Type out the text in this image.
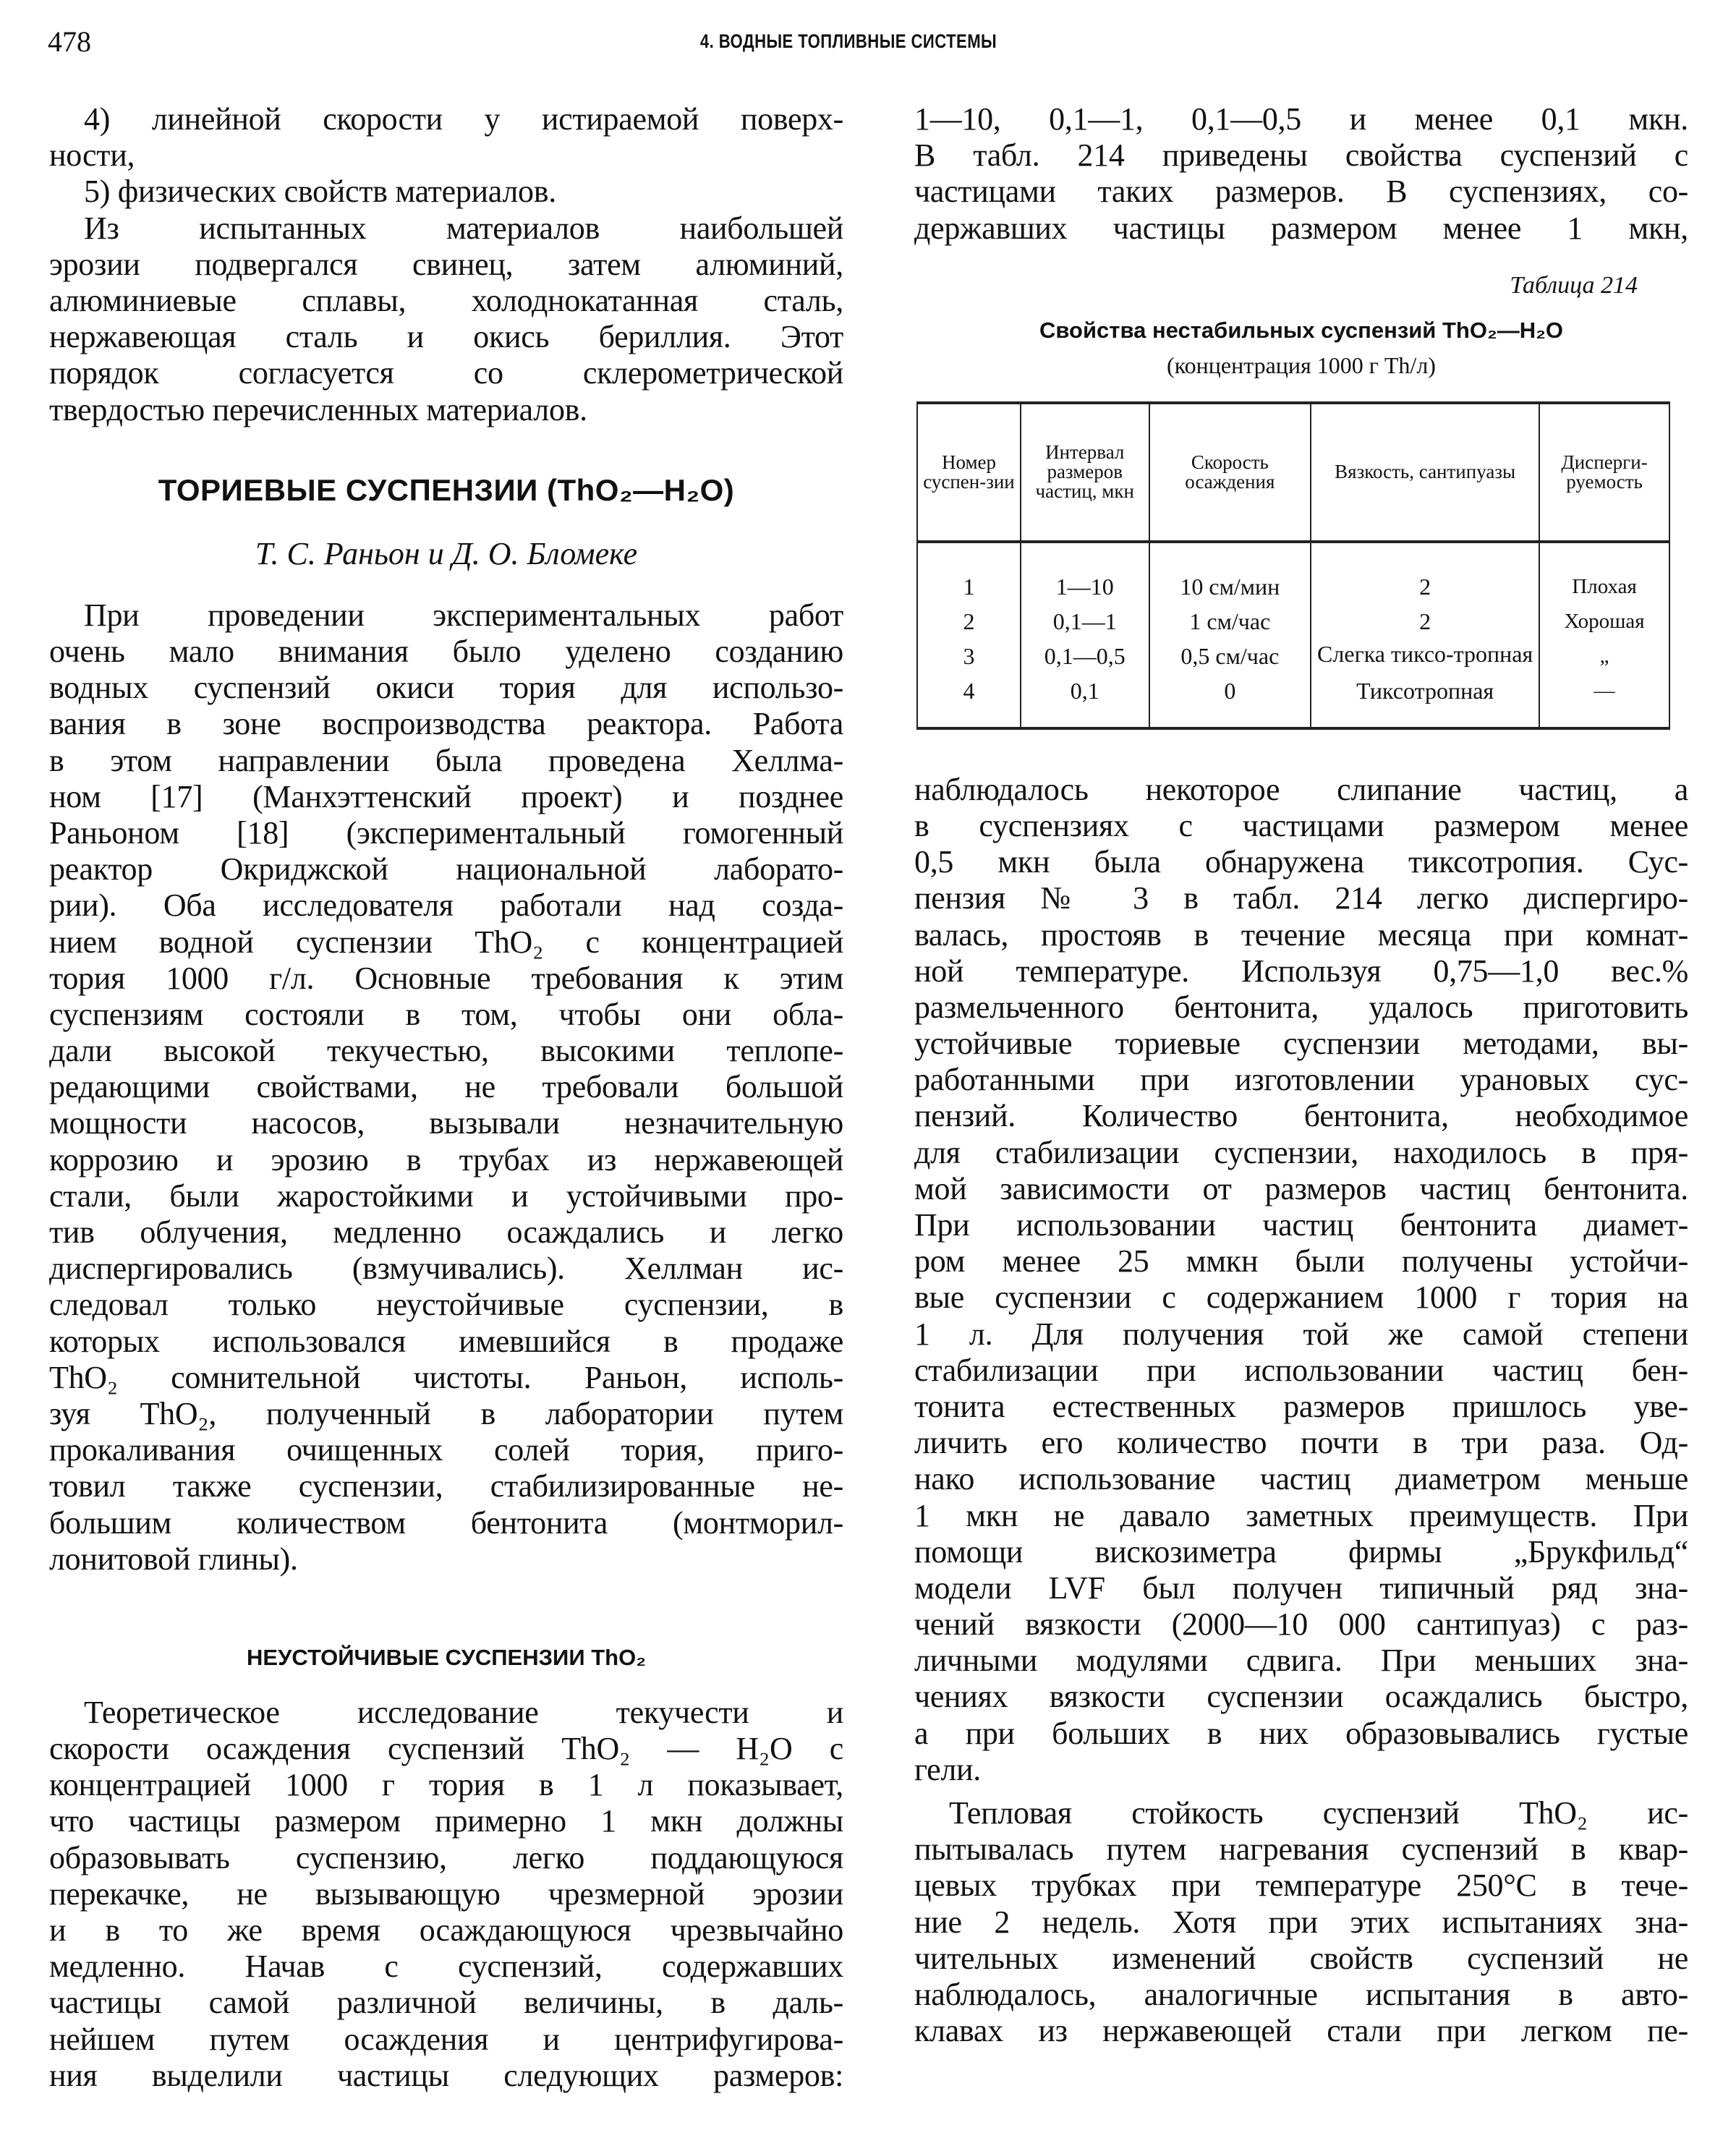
478	4. ВОДНЫЕ ТОПЛИВНЫЕ СИСТЕМЫ
4) линейной скорости у истираемой поверх-
ности,
5) физических свойств материалов.
Из испытанных материалов наибольшей
эрозии подвергался свинец, затем алюминий,
алюминиевые сплавы, холоднокатанная сталь,
нержавеющая сталь и окись бериллия. Этот
порядок согласуется со склерометрической
твердостью перечисленных материалов.
ТОРИЕВЫЕ СУСПЕНЗИИ (ThO₂—H₂O)
Т. С. Раньон и Д. О. Бломеке
При проведении экспериментальных работ
очень мало внимания было уделено созданию
водных суспензий окиси тория для использо-
вания в зоне воспроизводства реактора. Работа
в этом направлении была проведена Хеллма-
ном [17] (Манхэттенский проект) и позднее
Раньоном [18] (экспериментальный гомогенный
реактор Окриджской национальной лаборато-
рии). Оба исследователя работали над созда-
нием водной суспензии ThO₂ с концентрацией
тория 1000 г/л. Основные требования к этим
суспензиям состояли в том, чтобы они обла-
дали высокой текучестью, высокими теплопе-
редающими свойствами, не требовали большой
мощности насосов, вызывали незначительную
коррозию и эрозию в трубах из нержавеющей
стали, были жаростойкими и устойчивыми про-
тив облучения, медленно осаждались и легко
диспергировались (взмучивались). Хеллман ис-
следовал только неустойчивые суспензии, в
которых использовался имевшийся в продаже
ThO₂ сомнительной чистоты. Раньон, исполь-
зуя ThO₂, полученный в лаборатории путем
прокаливания очищенных солей тория, приго-
товил также суспензии, стабилизированные не-
большим количеством бентонита (монтморил-
лонитовой глины).
НЕУСТОЙЧИВЫЕ СУСПЕНЗИИ ThO₂
Теоретическое исследование текучести и
скорости осаждения суспензий ThO₂ — H₂O с
концентрацией 1000 г тория в 1 л показывает,
что частицы размером примерно 1 мкн должны
образовывать суспензию, легко поддающуюся
перекачке, не вызывающую чрезмерной эрозии
и в то же время осаждающуюся чрезвычайно
медленно. Начав с суспензий, содержавших
частицы самой различной величины, в даль-
нейшем путем осаждения и центрифугирова-
ния выделили частицы следующих размеров:
1—10, 0,1—1, 0,1—0,5 и менее 0,1 мкн.
В табл. 214 приведены свойства суспензий с
частицами таких размеров. В суспензиях, со-
державших частицы размером менее 1 мкн,
Таблица 214
Свойства нестабильных суспензий ThO₂—H₂O
(концентрация 1000 г Th/л)
Номер суспен-зии	Интервал размеров частиц, мкн	Скорость осаждения	Вязкость, сантипуазы	Дисперги-руемость
1	1—10	10 см/мин	2	Плохая
2	0,1—1	1 см/час	2	Хорошая
3	0,1—0,5	0,5 см/час	Слегка тиксо-тропная	„
4	0,1	0	Тиксотропная	—
наблюдалось некоторое слипание частиц, а
в суспензиях с частицами размером менее
0,5 мкн была обнаружена тиксотропия. Сус-
пензия № 3 в табл. 214 легко диспергиро-
валась, простояв в течение месяца при комнат-
ной температуре. Используя 0,75—1,0 вес.%
размельченного бентонита, удалось приготовить
устойчивые ториевые суспензии методами, вы-
работанными при изготовлении урановых сус-
пензий. Количество бентонита, необходимое
для стабилизации суспензии, находилось в пря-
мой зависимости от размеров частиц бентонита.
При использовании частиц бентонита диамет-
ром менее 25 ммкн были получены устойчи-
вые суспензии с содержанием 1000 г тория на
1 л. Для получения той же самой степени
стабилизации при использовании частиц бен-
тонита естественных размеров пришлось уве-
личить его количество почти в три раза. Од-
нако использование частиц диаметром меньше
1 мкн не давало заметных преимуществ. При
помощи вискозиметра фирмы „Брукфильд“
модели LVF был получен типичный ряд зна-
чений вязкости (2000—10 000 сантипуаз) с раз-
личными модулями сдвига. При меньших зна-
чениях вязкости суспензии осаждались быстро,
а при больших в них образовывались густые
гели.
Тепловая стойкость суспензий ThO₂ ис-
пытывалась путем нагревания суспензий в квар-
цевых трубках при температуре 250°С в тече-
ние 2 недель. Хотя при этих испытаниях зна-
чительных изменений свойств суспензий не
наблюдалось, аналогичные испытания в авто-
клавах из нержавеющей стали при легком пе-
